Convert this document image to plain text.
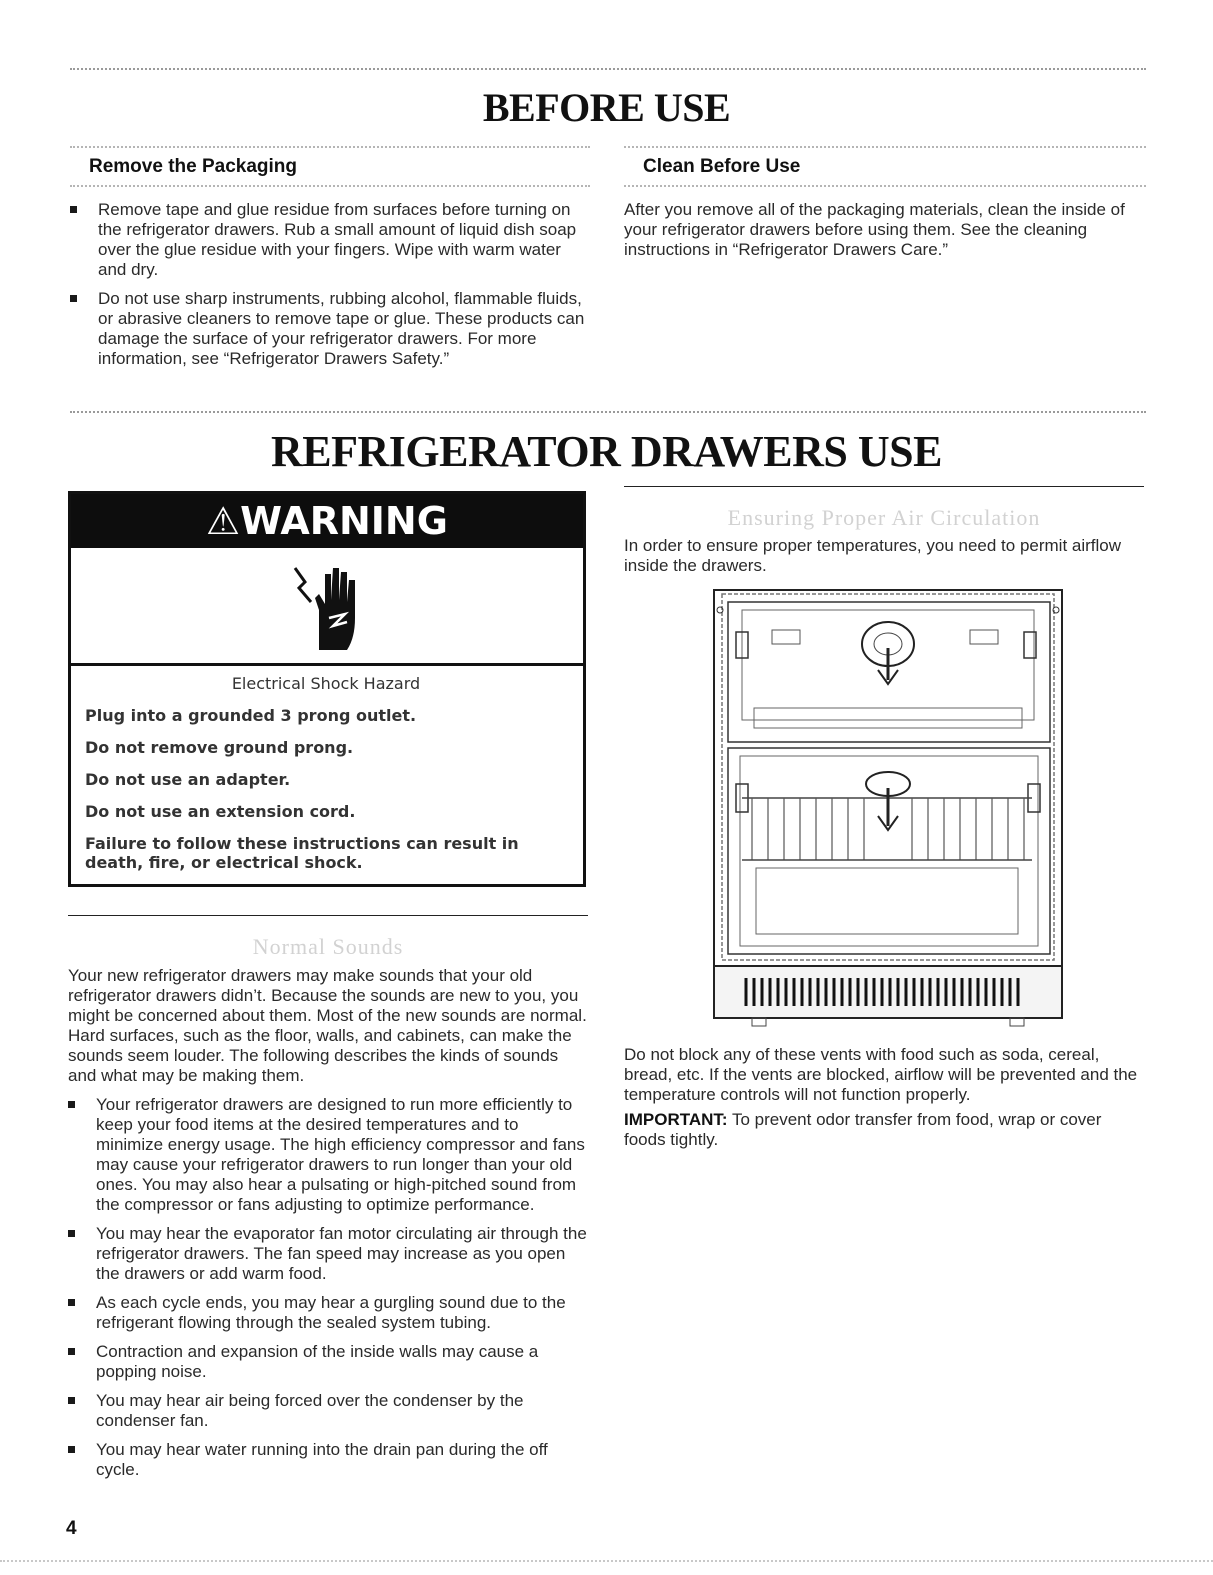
BEFORE USE
Remove the Packaging	Clean Before Use
Remove tape and glue residue from surfaces before turning on the refrigerator drawers. Rub a small amount of liquid dish soap over the glue residue with your fingers. Wipe with warm water and dry.
Do not use sharp instruments, rubbing alcohol, flammable fluids, or abrasive cleaners to remove tape or glue. These products can damage the surface of your refrigerator drawers. For more information, see “Refrigerator Drawers Safety.”
After you remove all of the packaging materials, clean the inside of your refrigerator drawers before using them. See the cleaning instructions in “Refrigerator Drawers Care.”
REFRIGERATOR DRAWERS USE
⚠WARNING

Electrical Shock Hazard

Plug into a grounded 3 prong outlet.

Do not remove ground prong.

Do not use an adapter.

Do not use an extension cord.

Failure to follow these instructions can result in death, fire, or electrical shock.

Normal Sounds
Your new refrigerator drawers may make sounds that your old refrigerator drawers didn’t. Because the sounds are new to you, you might be concerned about them. Most of the new sounds are normal. Hard surfaces, such as the floor, walls, and cabinets, can make the sounds seem louder. The following describes the kinds of sounds and what may be making them.
Your refrigerator drawers are designed to run more efficiently to keep your food items at the desired temperatures and to minimize energy usage. The high efficiency compressor and fans may cause your refrigerator drawers to run longer than your old ones. You may also hear a pulsating or high-pitched sound from the compressor or fans adjusting to optimize performance.
You may hear the evaporator fan motor circulating air through the refrigerator drawers. The fan speed may increase as you open the drawers or add warm food.
As each cycle ends, you may hear a gurgling sound due to the refrigerant flowing through the sealed system tubing.
Contraction and expansion of the inside walls may cause a popping noise.
You may hear air being forced over the condenser by the condenser fan.
You may hear water running into the drain pan during the off cycle.
Ensuring Proper Air Circulation
In order to ensure proper temperatures, you need to permit airflow inside the drawers.
Do not block any of these vents with food such as soda, cereal, bread, etc. If the vents are blocked, airflow will be prevented and the temperature controls will not function properly.
IMPORTANT: To prevent odor transfer from food, wrap or cover foods tightly.
4
